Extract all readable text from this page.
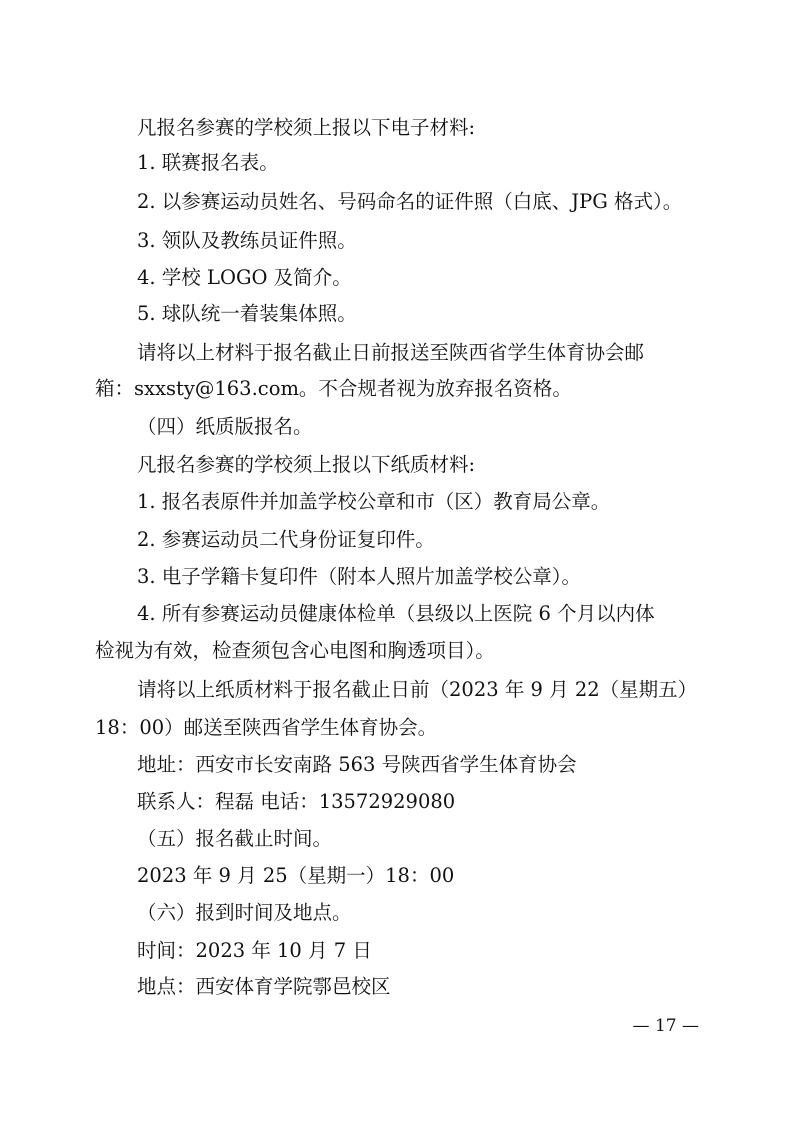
凡报名参赛的学校须上报以下电子材料:
1. 联赛报名表。
2. 以参赛运动员姓名、号码命名的证件照（白底、JPG 格式）。
3. 领队及教练员证件照。
4. 学校 LOGO 及简介。
5. 球队统一着装集体照。
请将以上材料于报名截止日前报送至陕西省学生体育协会邮
箱：sxxsty@163.com。不合规者视为放弃报名资格。
（四）纸质版报名。
凡报名参赛的学校须上报以下纸质材料:
1. 报名表原件并加盖学校公章和市（区）教育局公章。
2. 参赛运动员二代身份证复印件。
3. 电子学籍卡复印件（附本人照片加盖学校公章）。
4. 所有参赛运动员健康体检单（县级以上医院 6 个月以内体
检视为有效，检查须包含心电图和胸透项目）。
请将以上纸质材料于报名截止日前（2023 年 9 月 22（星期五）
18：00）邮送至陕西省学生体育协会。
地址：西安市长安南路 563 号陕西省学生体育协会
联系人：程磊 电话：13572929080
（五）报名截止时间。
2023 年 9 月 25（星期一）18：00
（六）报到时间及地点。
时间：2023 年 10 月 7 日
地点：西安体育学院鄠邑校区
— 17 —
